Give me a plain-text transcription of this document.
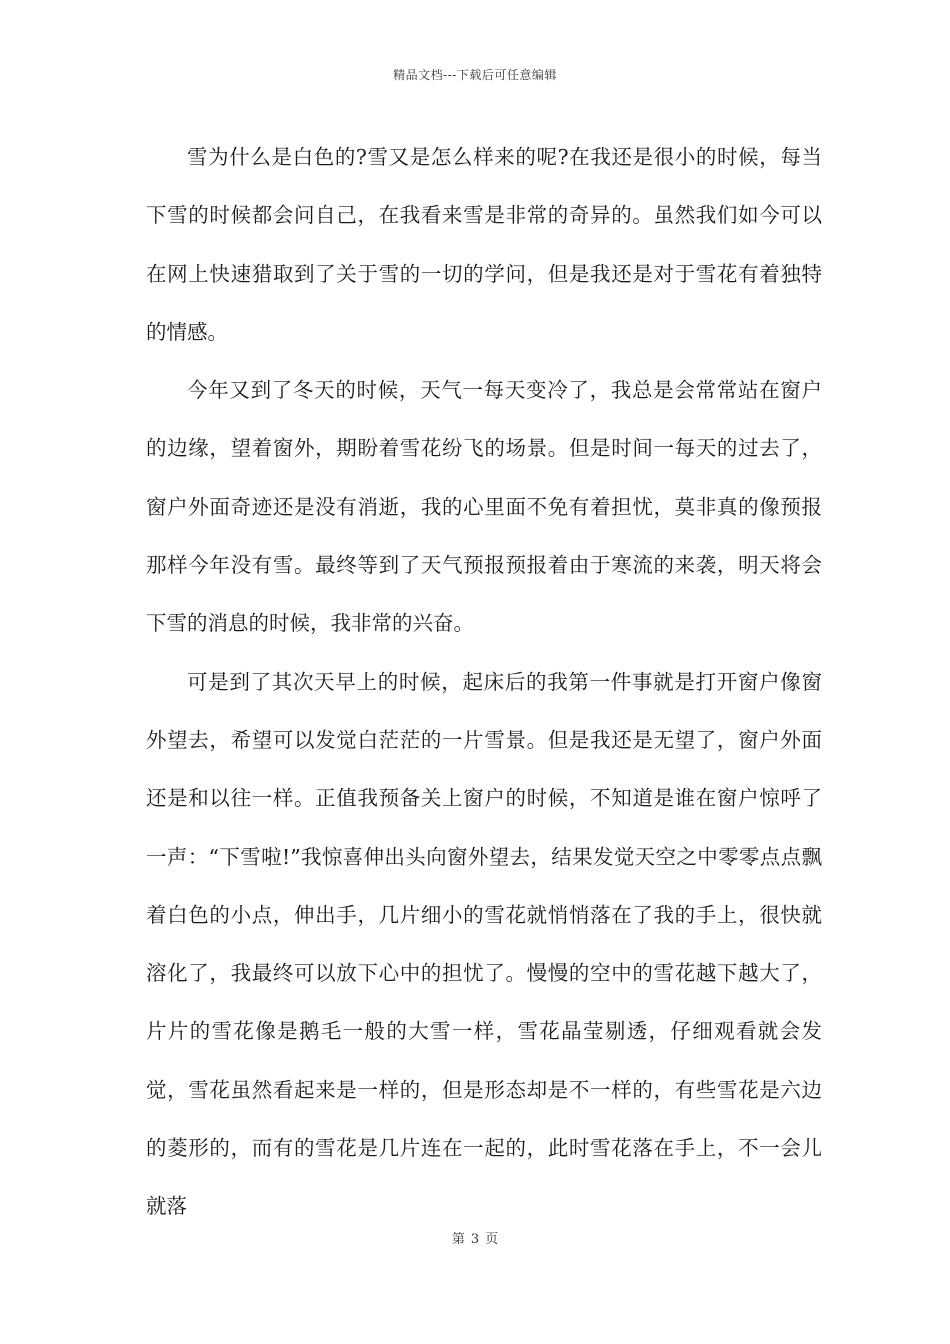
精品文档---下载后可任意编辑

雪为什么是白色的?雪又是怎么样来的呢?在我还是很小的时候，每当下雪的时候都会问自己，在我看来雪是非常的奇异的。虽然我们如今可以在网上快速猎取到了关于雪的一切的学问，但是我还是对于雪花有着独特的情感。

今年又到了冬天的时候，天气一每天变冷了，我总是会常常站在窗户的边缘，望着窗外，期盼着雪花纷飞的场景。但是时间一每天的过去了，窗户外面奇迹还是没有消逝，我的心里面不免有着担忧，莫非真的像预报那样今年没有雪。最终等到了天气预报预报着由于寒流的来袭，明天将会下雪的消息的时候，我非常的兴奋。

可是到了其次天早上的时候，起床后的我第一件事就是打开窗户像窗外望去，希望可以发觉白茫茫的一片雪景。但是我还是无望了，窗户外面还是和以往一样。正值我预备关上窗户的时候，不知道是谁在窗户惊呼了一声：“下雪啦!”我惊喜伸出头向窗外望去，结果发觉天空之中零零点点飘着白色的小点，伸出手，几片细小的雪花就悄悄落在了我的手上，很快就溶化了，我最终可以放下心中的担忧了。慢慢的空中的雪花越下越大了，片片的雪花像是鹅毛一般的大雪一样，雪花晶莹剔透，仔细观看就会发觉，雪花虽然看起来是一样的，但是形态却是不一样的，有些雪花是六边的菱形的，而有的雪花是几片连在一起的，此时雪花落在手上，不一会儿就落

第 3 页
